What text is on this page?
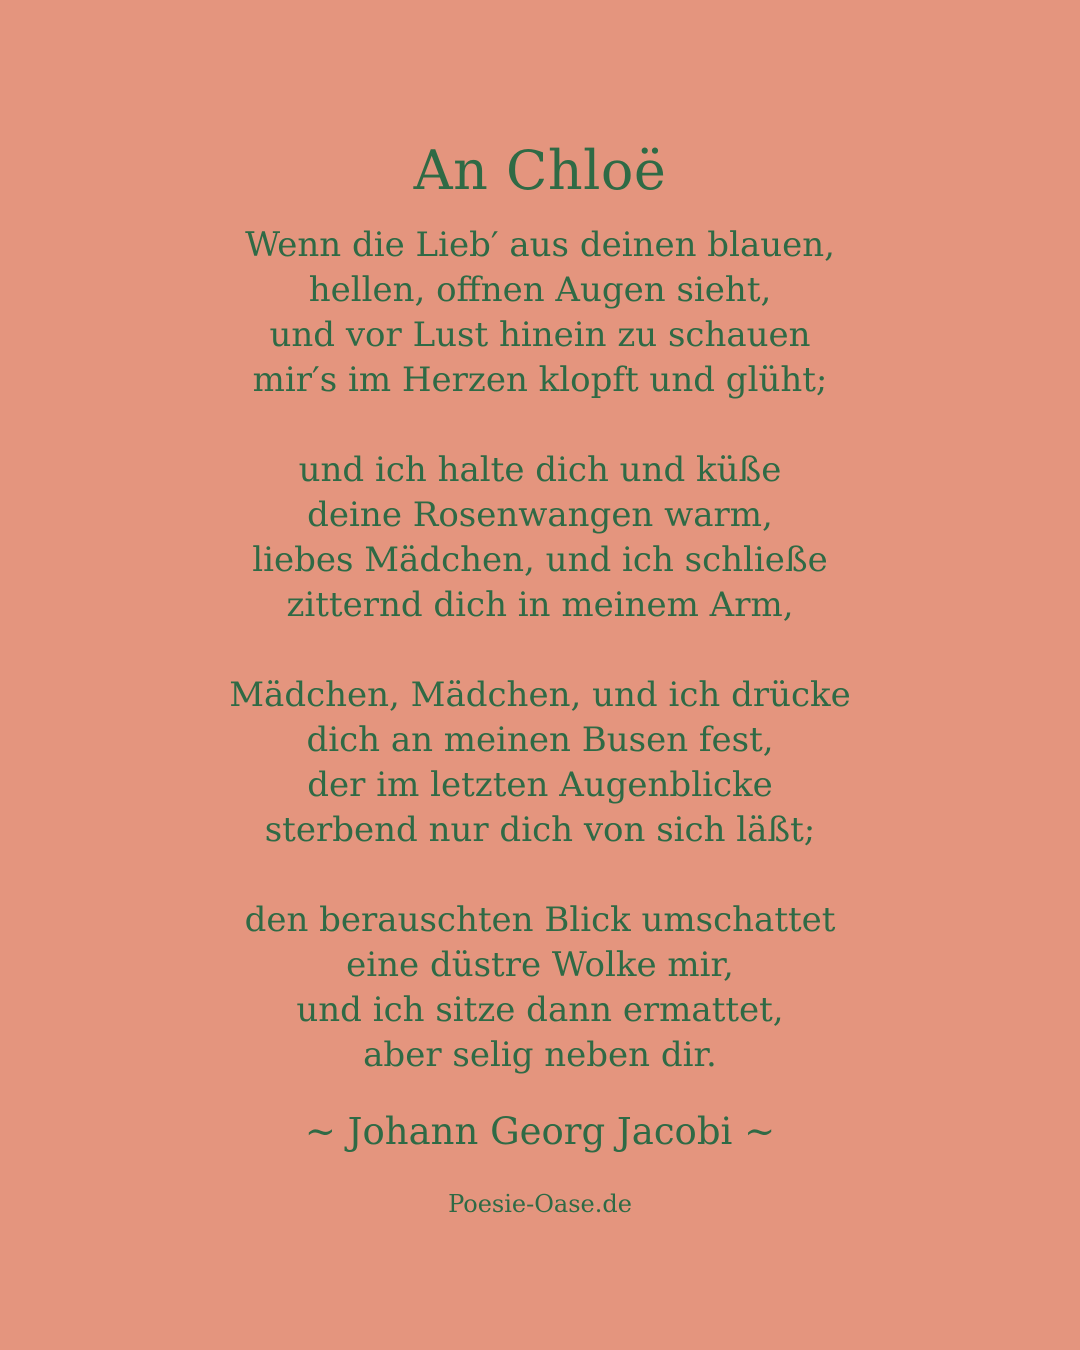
An Chloë
Wenn die Lieb′ aus deinen blauen,
hellen, offnen Augen sieht,
und vor Lust hinein zu schauen
mir′s im Herzen klopft und glüht;
und ich halte dich und küße
deine Rosenwangen warm,
liebes Mädchen, und ich schließe
zitternd dich in meinem Arm,
Mädchen, Mädchen, und ich drücke
dich an meinen Busen fest,
der im letzten Augenblicke
sterbend nur dich von sich läßt;
den berauschten Blick umschattet
eine düstre Wolke mir,
und ich sitze dann ermattet,
aber selig neben dir.
~ Johann Georg Jacobi ~
Poesie-Oase.de
